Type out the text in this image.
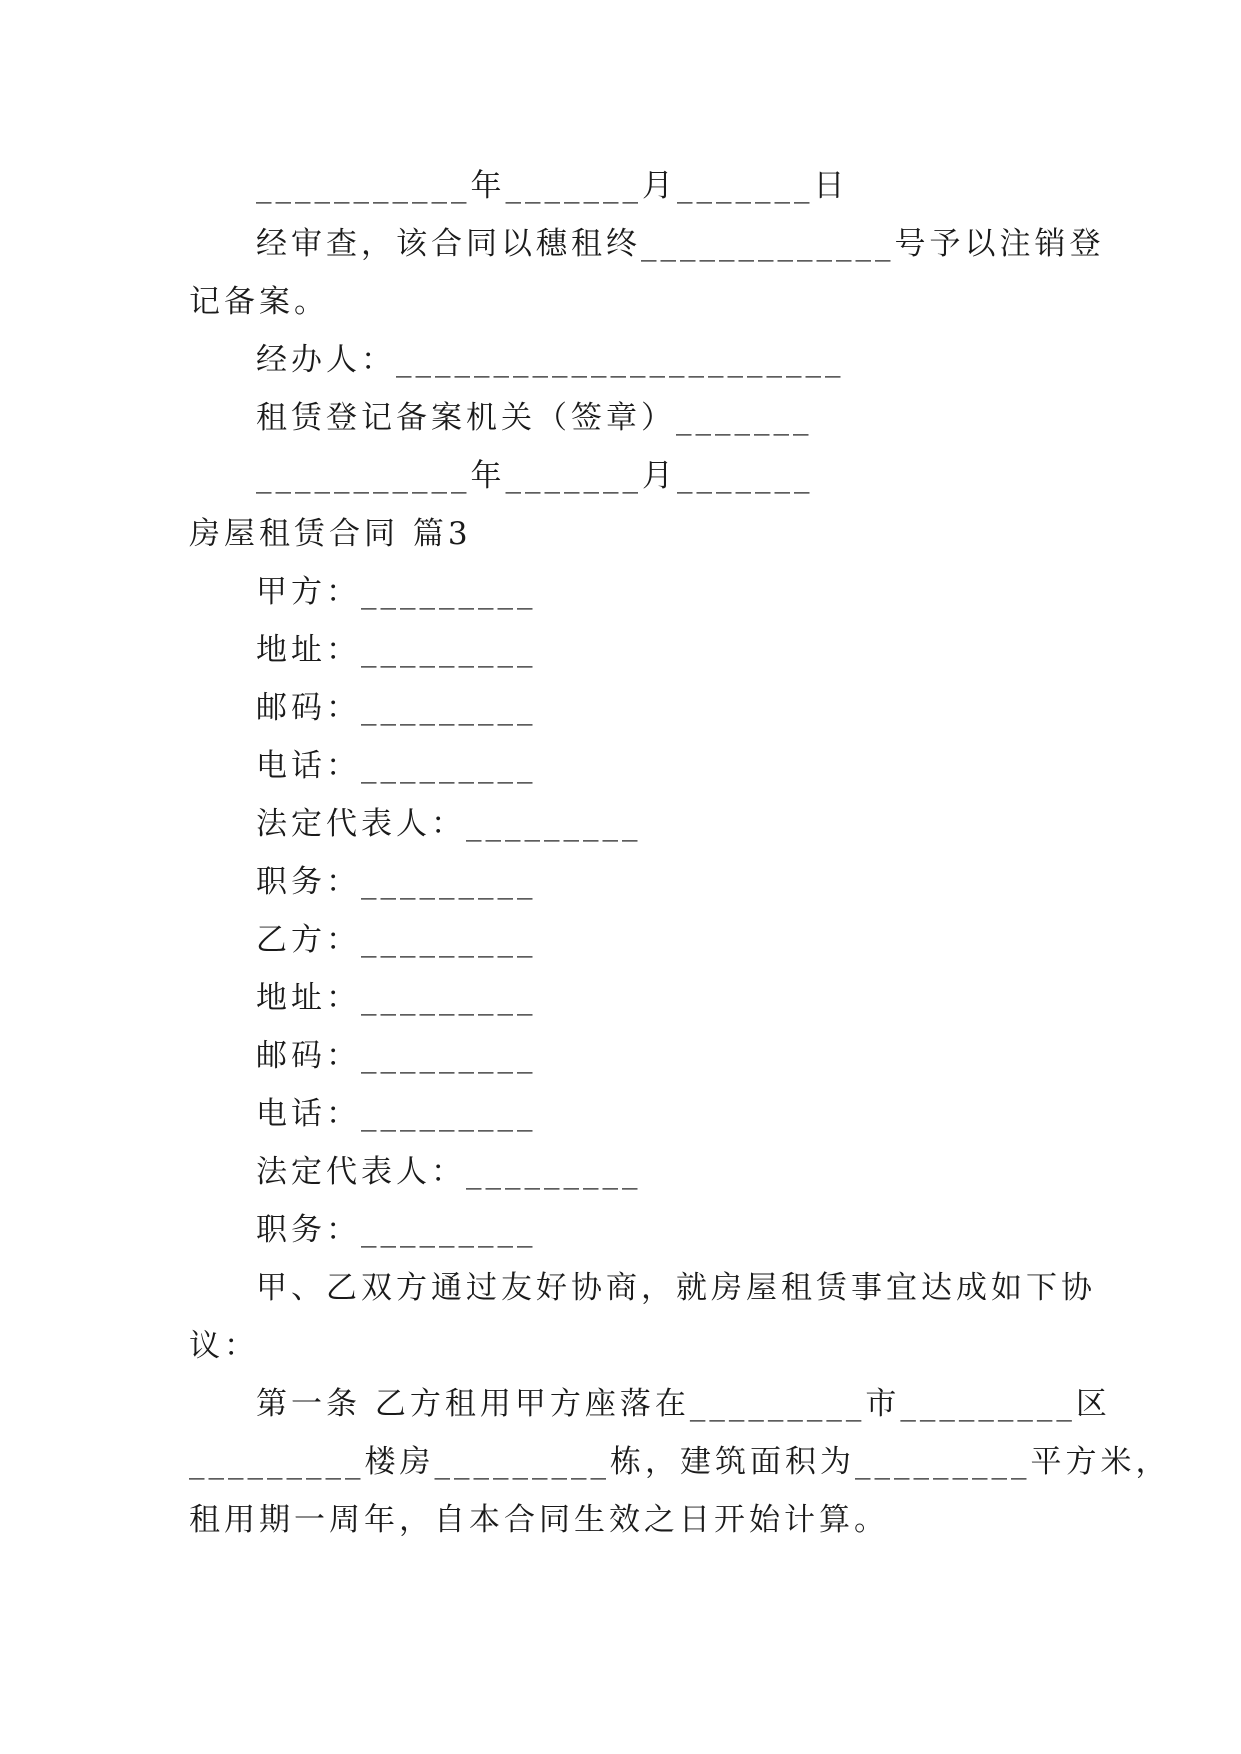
___________年_______月_______日
经审查，该合同以穗租终_____________号予以注销登
记备案。
经办人：_______________________
租赁登记备案机关（签章）_______
___________年_______月_______
房屋租赁合同 篇3
甲方：_________
地址：_________
邮码：_________
电话：_________
法定代表人：_________
职务：_________
乙方：_________
地址：_________
邮码：_________
电话：_________
法定代表人：_________
职务：_________
甲、乙双方通过友好协商，就房屋租赁事宜达成如下协
议：
第一条 乙方租用甲方座落在_________市_________区
_________楼房_________栋，建筑面积为_________平方米，
租用期一周年，自本合同生效之日开始计算。
